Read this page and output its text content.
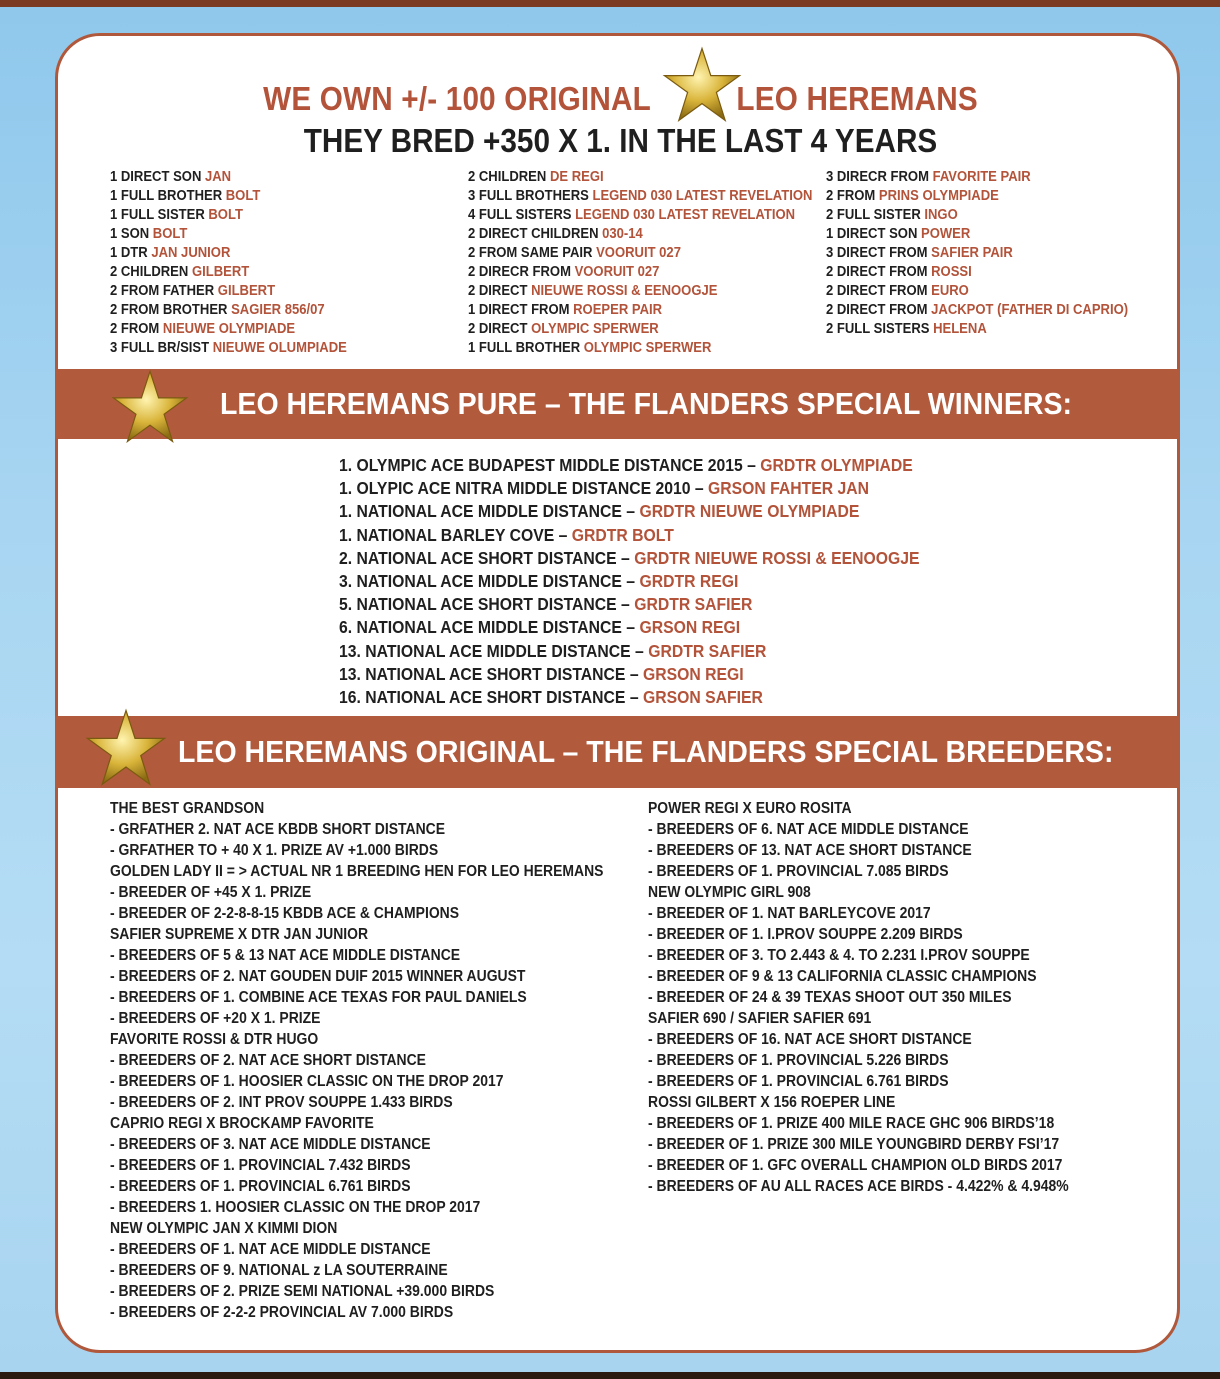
WE OWN +/- 100 ORIGINAL	LEO HEREMANS
THEY BRED +350 X 1. IN THE LAST 4 YEARS
1 DIRECT SON JAN
1 FULL BROTHER BOLT
1 FULL SISTER BOLT
1 SON BOLT
1 DTR JAN JUNIOR
2 CHILDREN GILBERT
2 FROM FATHER GILBERT
2 FROM BROTHER SAGIER 856/07
2 FROM NIEUWE OLYMPIADE
3 FULL BR/SIST NIEUWE OLUMPIADE
2 CHILDREN DE REGI
3 FULL BROTHERS LEGEND 030 LATEST REVELATION
4 FULL SISTERS LEGEND 030 LATEST REVELATION
2 DIRECT CHILDREN 030-14
2 FROM SAME PAIR VOORUIT 027
2 DIRECR FROM VOORUIT 027
2 DIRECT NIEUWE ROSSI & EENOOGJE
1 DIRECT FROM ROEPER PAIR
2 DIRECT OLYMPIC SPERWER
1 FULL BROTHER OLYMPIC SPERWER
3 DIRECR FROM FAVORITE PAIR
2 FROM PRINS OLYMPIADE
2 FULL SISTER INGO
1 DIRECT SON POWER
3 DIRECT FROM SAFIER PAIR
2 DIRECT FROM ROSSI
2 DIRECT FROM EURO
2 DIRECT FROM JACKPOT (FATHER DI CAPRIO)
2 FULL SISTERS HELENA
LEO HEREMANS PURE – THE FLANDERS SPECIAL WINNERS:
1. OLYMPIC ACE BUDAPEST MIDDLE DISTANCE 2015 – GRDTR OLYMPIADE
1. OLYPIC ACE NITRA MIDDLE DISTANCE 2010 – GRSON FAHTER JAN
1. NATIONAL ACE MIDDLE DISTANCE – GRDTR NIEUWE OLYMPIADE
1. NATIONAL BARLEY COVE – GRDTR BOLT
2. NATIONAL ACE SHORT DISTANCE – GRDTR NIEUWE ROSSI & EENOOGJE
3. NATIONAL ACE MIDDLE DISTANCE – GRDTR REGI
5. NATIONAL ACE SHORT DISTANCE – GRDTR SAFIER
6. NATIONAL ACE MIDDLE DISTANCE – GRSON REGI
13. NATIONAL ACE MIDDLE DISTANCE – GRDTR SAFIER
13. NATIONAL ACE SHORT DISTANCE – GRSON REGI
16. NATIONAL ACE SHORT DISTANCE – GRSON SAFIER
LEO HEREMANS ORIGINAL – THE FLANDERS SPECIAL BREEDERS:
THE BEST GRANDSON
- GRFATHER 2. NAT ACE KBDB SHORT DISTANCE
- GRFATHER TO + 40 X 1. PRIZE AV +1.000 BIRDS
GOLDEN LADY II = > ACTUAL NR 1 BREEDING HEN FOR LEO HEREMANS
- BREEDER OF +45 X 1. PRIZE
- BREEDER OF 2-2-8-8-15 KBDB ACE & CHAMPIONS
SAFIER SUPREME X DTR JAN JUNIOR
- BREEDERS OF 5 & 13 NAT ACE MIDDLE DISTANCE
- BREEDERS OF 2. NAT GOUDEN DUIF 2015 WINNER AUGUST
- BREEDERS OF 1. COMBINE ACE TEXAS FOR PAUL DANIELS
- BREEDERS OF +20 X 1. PRIZE
FAVORITE ROSSI & DTR HUGO
- BREEDERS OF 2. NAT ACE SHORT DISTANCE
- BREEDERS OF 1. HOOSIER CLASSIC ON THE DROP 2017
- BREEDERS OF 2. INT PROV SOUPPE 1.433 BIRDS
CAPRIO REGI X BROCKAMP FAVORITE
- BREEDERS OF 3. NAT ACE MIDDLE DISTANCE
- BREEDERS OF 1. PROVINCIAL 7.432 BIRDS
- BREEDERS OF 1. PROVINCIAL 6.761 BIRDS
- BREEDERS 1. HOOSIER CLASSIC ON THE DROP 2017
NEW OLYMPIC JAN X KIMMI DION
- BREEDERS OF 1. NAT ACE MIDDLE DISTANCE
- BREEDERS OF 9. NATIONAL z LA SOUTERRAINE
- BREEDERS OF 2. PRIZE SEMI NATIONAL +39.000 BIRDS
- BREEDERS OF 2-2-2 PROVINCIAL AV 7.000 BIRDS
POWER REGI X EURO ROSITA
- BREEDERS OF 6. NAT ACE MIDDLE DISTANCE
- BREEDERS OF 13. NAT ACE SHORT DISTANCE
- BREEDERS OF 1. PROVINCIAL 7.085 BIRDS
NEW OLYMPIC GIRL 908
- BREEDER OF 1. NAT BARLEYCOVE 2017
- BREEDER OF 1. I.PROV SOUPPE 2.209 BIRDS
- BREEDER OF 3. TO 2.443 & 4. TO 2.231 I.PROV SOUPPE
- BREEDER OF 9 & 13 CALIFORNIA CLASSIC CHAMPIONS
- BREEDER OF 24 & 39 TEXAS SHOOT OUT 350 MILES
SAFIER 690 / SAFIER SAFIER 691
- BREEDERS OF 16. NAT ACE SHORT DISTANCE
- BREEDERS OF 1. PROVINCIAL 5.226 BIRDS
- BREEDERS OF 1. PROVINCIAL 6.761 BIRDS
ROSSI GILBERT X 156 ROEPER LINE
- BREEDERS OF 1. PRIZE 400 MILE RACE GHC 906 BIRDS’18
- BREEDER OF 1. PRIZE 300 MILE YOUNGBIRD DERBY FSI’17
- BREEDER OF 1. GFC OVERALL CHAMPION OLD BIRDS 2017
- BREEDERS OF AU ALL RACES ACE BIRDS - 4.422% & 4.948%
